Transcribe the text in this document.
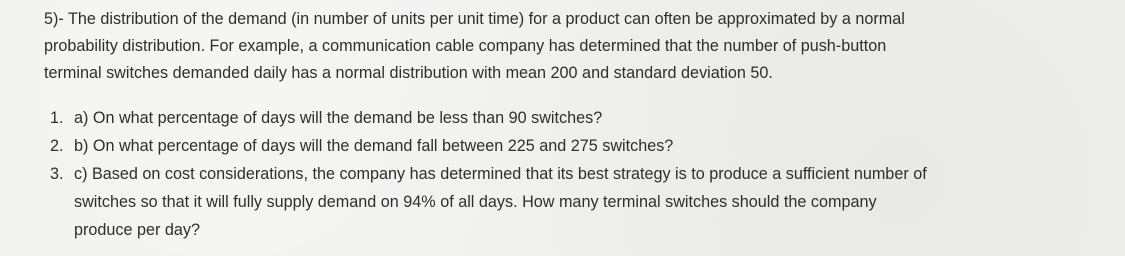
5)- The distribution of the demand (in number of units per unit time) for a product can often be approximated by a normal
probability distribution. For example, a communication cable company has determined that the number of push-button
terminal switches demanded daily has a normal distribution with mean 200 and standard deviation 50.
1. a) On what percentage of days will the demand be less than 90 switches?
2. b) On what percentage of days will the demand fall between 225 and 275 switches?
3. c) Based on cost considerations, the company has determined that its best strategy is to produce a sufficient number of
switches so that it will fully supply demand on 94% of all days. How many terminal switches should the company
produce per day?
